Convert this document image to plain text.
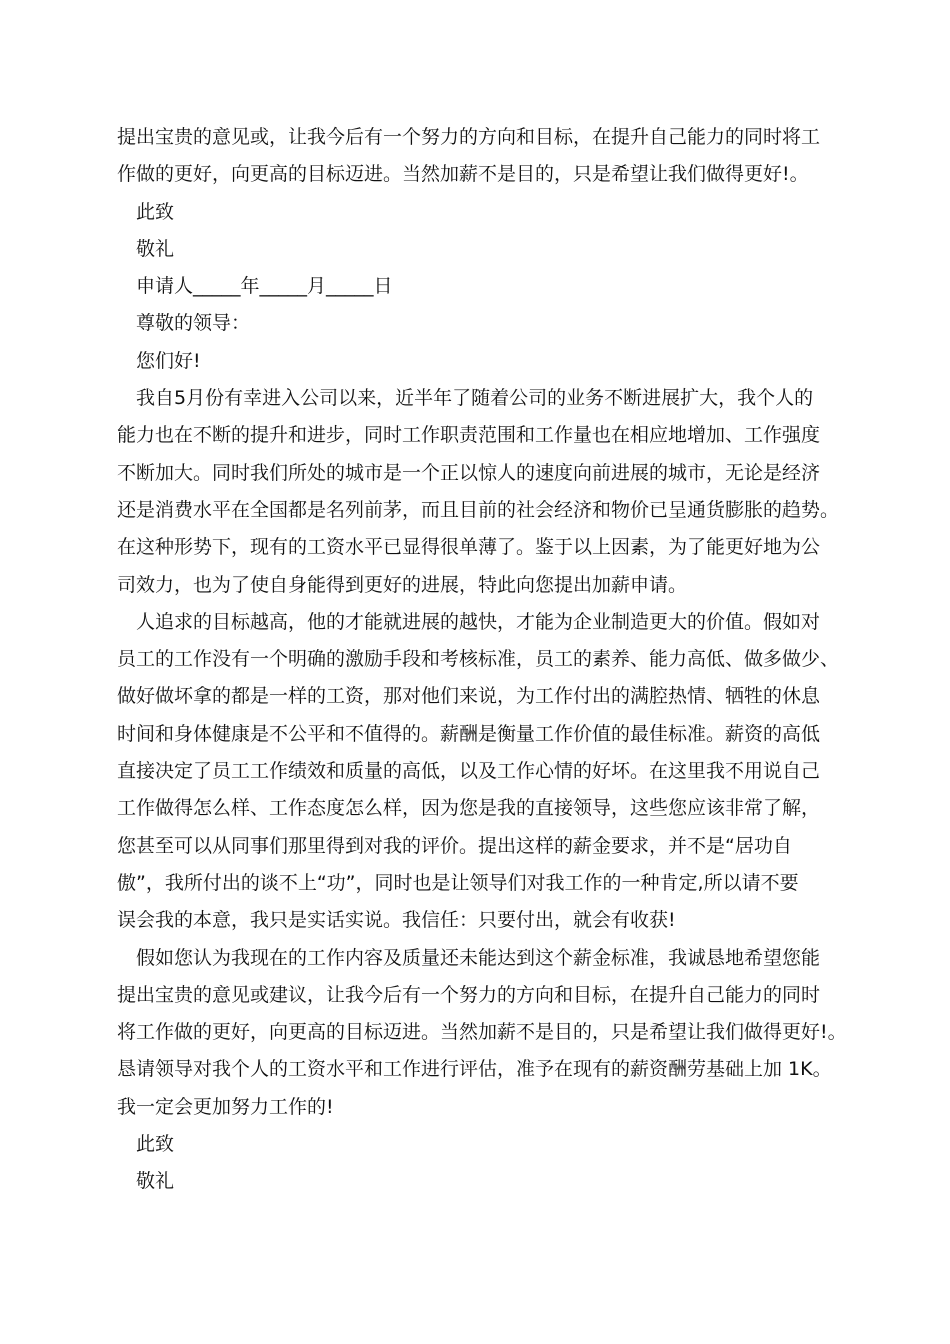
提出宝贵的意见或，让我今后有一个努力的方向和目标，在提升自己能力的同时将工
作做的更好，向更高的目标迈进。当然加薪不是目的，只是希望让我们做得更好!。
此致
敬礼
申请人_____年_____月_____日
尊敬的领导：
您们好!
我自5月份有幸进入公司以来，近半年了随着公司的业务不断进展扩大，我个人的
能力也在不断的提升和进步，同时工作职责范围和工作量也在相应地增加、工作强度
不断加大。同时我们所处的城市是一个正以惊人的速度向前进展的城市，无论是经济
还是消费水平在全国都是名列前茅，而且目前的社会经济和物价已呈通货膨胀的趋势。
在这种形势下，现有的工资水平已显得很单薄了。鉴于以上因素，为了能更好地为公
司效力，也为了使自身能得到更好的进展，特此向您提出加薪申请。
人追求的目标越高，他的才能就进展的越快，才能为企业制造更大的价值。假如对
员工的工作没有一个明确的激励手段和考核标准，员工的素养、能力高低、做多做少、
做好做坏拿的都是一样的工资，那对他们来说，为工作付出的满腔热情、牺牲的休息
时间和身体健康是不公平和不值得的。薪酬是衡量工作价值的最佳标准。薪资的高低
直接决定了员工工作绩效和质量的高低，以及工作心情的好坏。在这里我不用说自己
工作做得怎么样、工作态度怎么样，因为您是我的直接领导，这些您应该非常了解，
您甚至可以从同事们那里得到对我的评价。提出这样的薪金要求，并不是“居功自
傲”，我所付出的谈不上“功”，同时也是让领导们对我工作的一种肯定,所以请不要
误会我的本意，我只是实话实说。我信任：只要付出，就会有收获!
假如您认为我现在的工作内容及质量还未能达到这个薪金标准，我诚恳地希望您能
提出宝贵的意见或建议，让我今后有一个努力的方向和目标，在提升自己能力的同时
将工作做的更好，向更高的目标迈进。当然加薪不是目的，只是希望让我们做得更好!。
恳请领导对我个人的工资水平和工作进行评估，准予在现有的薪资酬劳基础上加 1K。
我一定会更加努力工作的!
此致
敬礼
